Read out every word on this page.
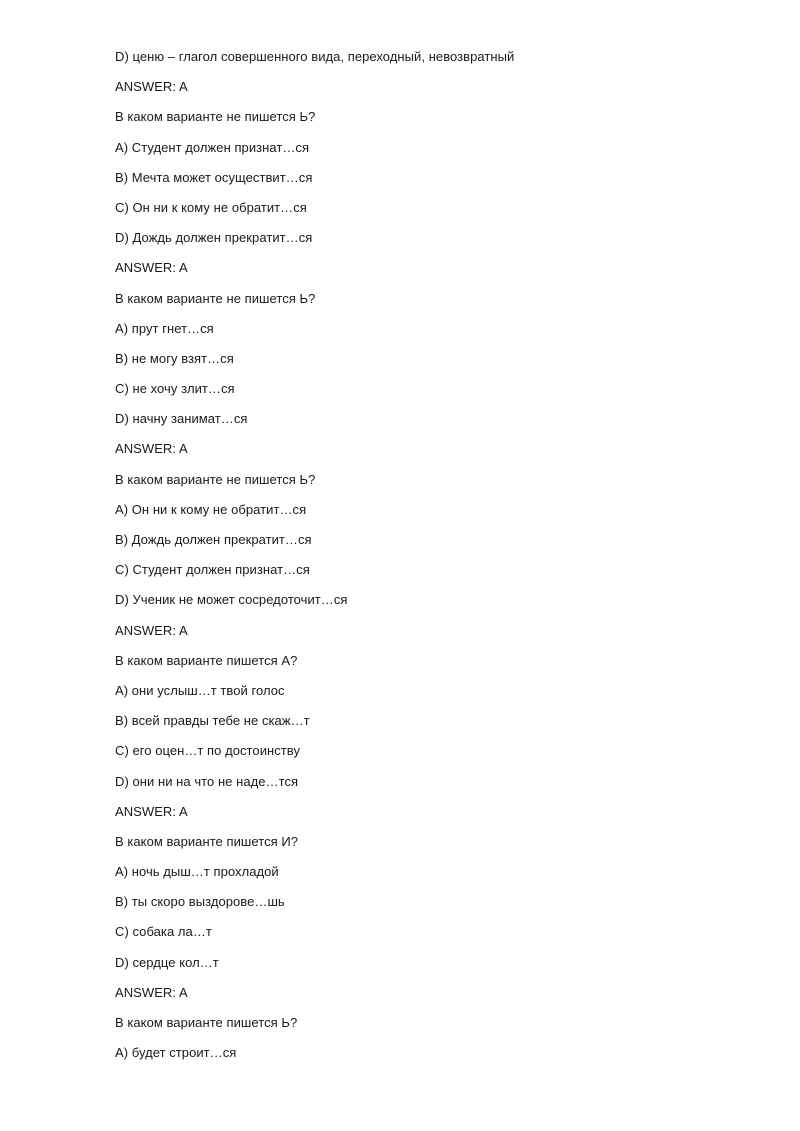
D) ценю – глагол совершенного вида, переходный, невозвратный
ANSWER: A
В каком варианте не пишется Ь?
A) Студент должен признат…ся
B) Мечта может осуществит…ся
C) Он ни к кому не обратит…ся
D) Дождь должен прекратит…ся
ANSWER: A
В каком варианте не пишется Ь?
A) прут гнет…ся
B) не могу взят…ся
C) не хочу злит…ся
D) начну занимат…ся
ANSWER: A
В каком варианте не пишется Ь?
A) Он ни к кому не обратит…ся
B) Дождь должен прекратит…ся
C) Студент должен признат…ся
D) Ученик не может сосредоточит…ся
ANSWER: A
В каком варианте пишется А?
A) они услыш…т твой голос
B) всей правды тебе не скаж…т
C) его оцен…т по достоинству
D) они ни на что не наде…тся
ANSWER: A
В каком варианте пишется И?
A) ночь дыш…т прохладой
B) ты скоро выздорове…шь
C) собака ла…т
D) сердце кол…т
ANSWER: A
В каком варианте пишется Ь?
A) будет строит…ся
